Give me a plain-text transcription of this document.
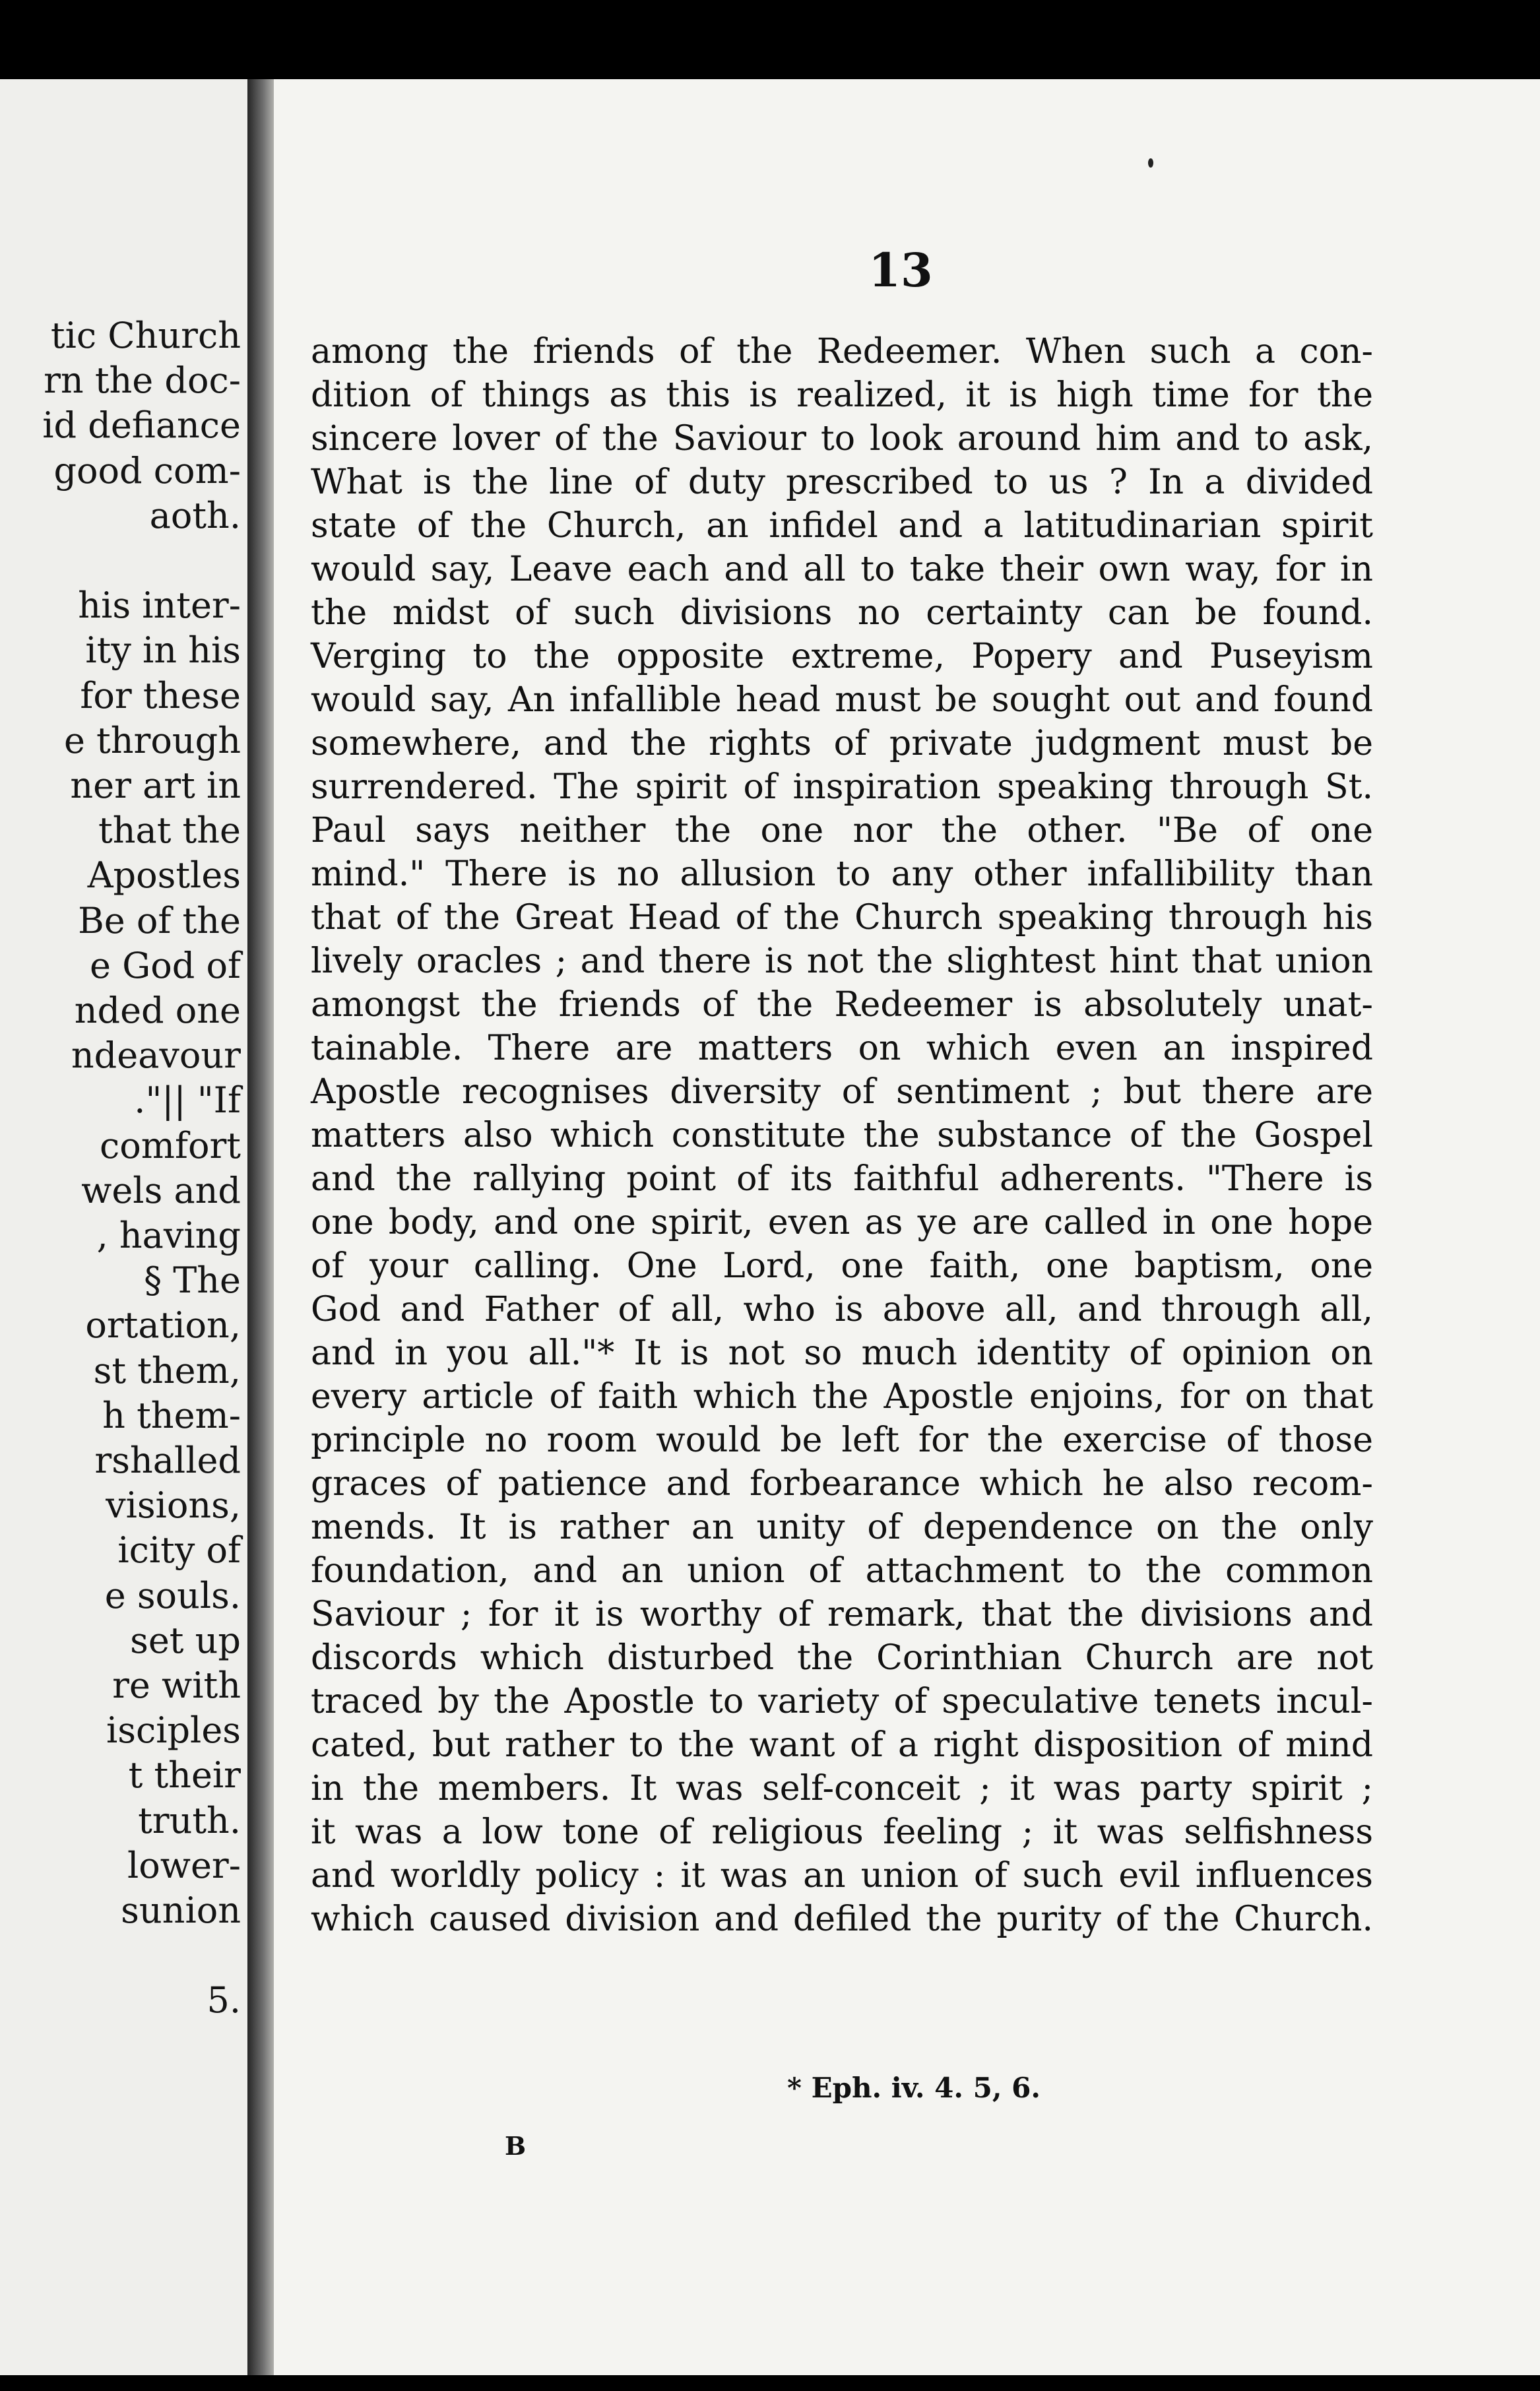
tic Church
rn the doc-
id defiance
good com-
aoth.
his inter-
ity in his
for these
e through
ner art in
that the
Apostles
Be of the
e God of
nded one
ndeavour
."|| "If
comfort
wels and
, having
§ The
ortation,
st them,
h them-
rshalled
visions,
icity of
e souls.
set up
re with
isciples
t their
truth.
lower-
sunion
5.
13
among the friends of the Redeemer. When such a con-
dition of things as this is realized, it is high time for the
sincere lover of the Saviour to look around him and to ask,
What is the line of duty prescribed to us ? In a divided
state of the Church, an infidel and a latitudinarian spirit
would say, Leave each and all to take their own way, for in
the midst of such divisions no certainty can be found.
Verging to the opposite extreme, Popery and Puseyism
would say, An infallible head must be sought out and found
somewhere, and the rights of private judgment must be
surrendered. The spirit of inspiration speaking through St.
Paul says neither the one nor the other. "Be of one
mind." There is no allusion to any other infallibility than
that of the Great Head of the Church speaking through his
lively oracles ; and there is not the slightest hint that union
amongst the friends of the Redeemer is absolutely unat-
tainable. There are matters on which even an inspired
Apostle recognises diversity of sentiment ; but there are
matters also which constitute the substance of the Gospel
and the rallying point of its faithful adherents. "There is
one body, and one spirit, even as ye are called in one hope
of your calling. One Lord, one faith, one baptism, one
God and Father of all, who is above all, and through all,
and in you all."* It is not so much identity of opinion on
every article of faith which the Apostle enjoins, for on that
principle no room would be left for the exercise of those
graces of patience and forbearance which he also recom-
mends. It is rather an unity of dependence on the only
foundation, and an union of attachment to the common
Saviour ; for it is worthy of remark, that the divisions and
discords which disturbed the Corinthian Church are not
traced by the Apostle to variety of speculative tenets incul-
cated, but rather to the want of a right disposition of mind
in the members. It was self-conceit ; it was party spirit ;
it was a low tone of religious feeling ; it was selfishness
and worldly policy : it was an union of such evil influences
which caused division and defiled the purity of the Church.
* Eph. iv. 4. 5, 6.
B
